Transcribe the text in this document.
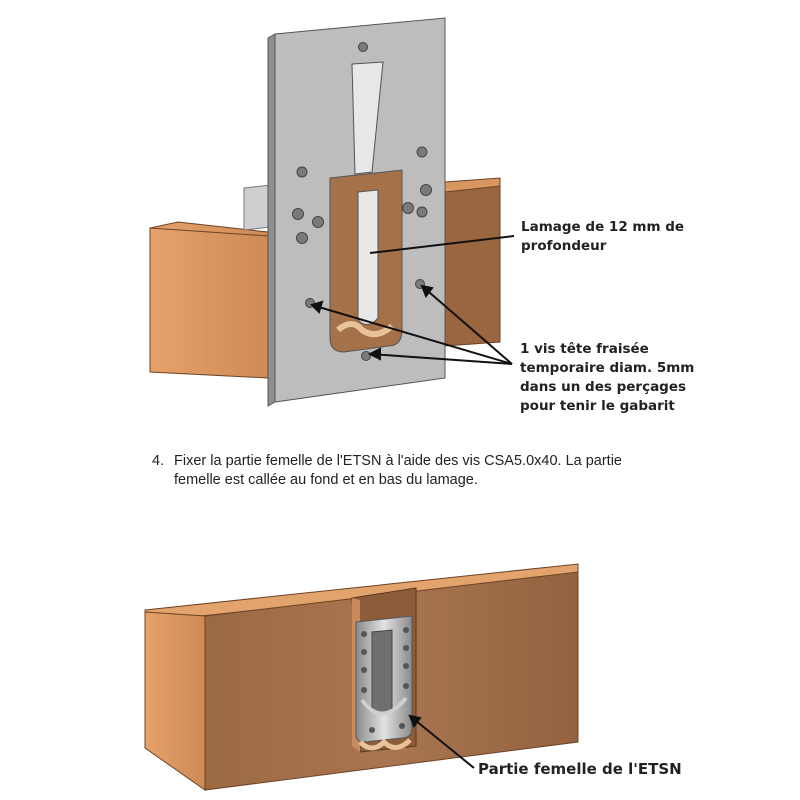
Lamage de 12 mm de
profondeur
1 vis tête fraisée
temporaire diam. 5mm
dans un des perçages
pour tenir le gabarit
4. Fixer la partie femelle de l'ETSN à l'aide des vis CSA5.0x40. La partie
femelle est callée au fond et en bas du lamage.
Partie femelle de l'ETSN
